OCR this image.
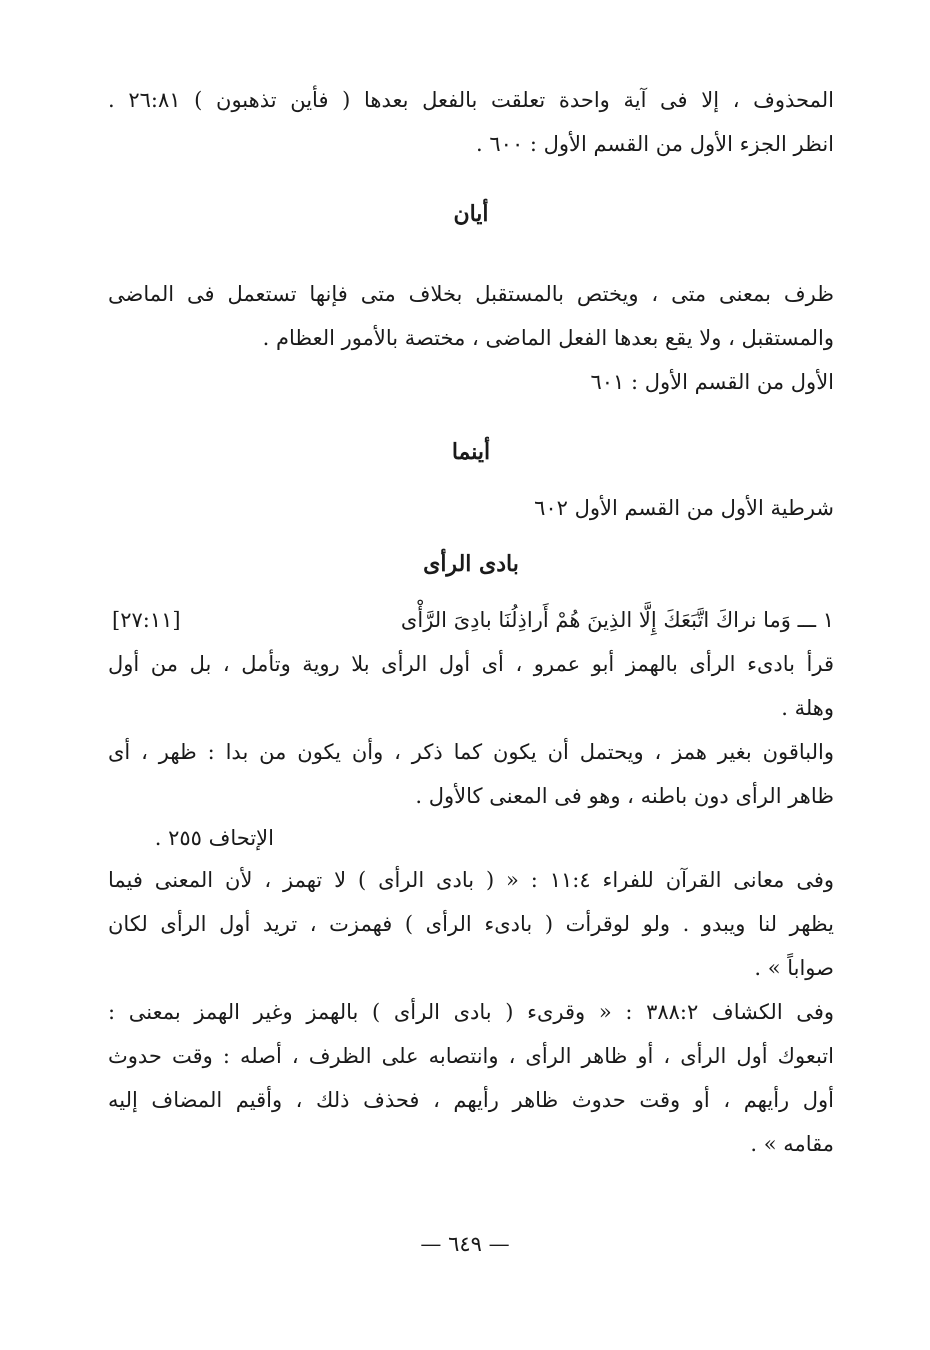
المحذوف ، إلا فى آية واحدة تعلقت بالفعل بعدها ( فأين تذهبون ) ٢٦:٨١ .
انظر الجزء الأول من القسم الأول : ٦٠٠ .
أيان
ظرف بمعنى متى ، ويختص بالمستقبل بخلاف متى فإنها تستعمل فى الماضى
والمستقبل ، ولا يقع بعدها الفعل الماضى ، مختصة بالأمور العظام .
الأول من القسم الأول : ٦٠١
أينما
شرطية الأول من القسم الأول ٦٠٢
بادى الرأى
١ ـــ وَما نراكَ اتَّبَعَكَ إِلَّا الذِينَ هُمْ أَراذِلُنَا بادِىَ الرَّأْى
[٢٧:١١]
قرأ بادىء الرأى بالهمز أبو عمرو ، أى أول الرأى بلا روية وتأمل ، بل من أول
وهلة .
والباقون بغير همز ، ويحتمل أن يكون كما ذكر ، وأن يكون من بدا : ظهر ، أى
ظاهر الرأى دون باطنه ، وهو فى المعنى كالأول .
الإتحاف ٢٥٥ .
وفى معانى القرآن للفراء ١١:٤ : « ( بادى الرأى ) لا تهمز ، لأن المعنى فيما
يظهر لنا ويبدو . ولو لوقرأت ( بادىء الرأى ) فهمزت ، تريد أول الرأى لكان
صواباً » .
وفى الكشاف ٣٨٨:٢ : « وقرىء ( بادى الرأى ) بالهمز وغير الهمز بمعنى :
اتبعوك أول الرأى ، أو ظاهر الرأى ، وانتصابه على الظرف ، أصله : وقت حدوث
أول رأيهم ، أو وقت حدوث ظاهر رأيهم ، فحذف ذلك ، وأقيم المضاف إليه
مقامه » .
— ٦٤٩ —
